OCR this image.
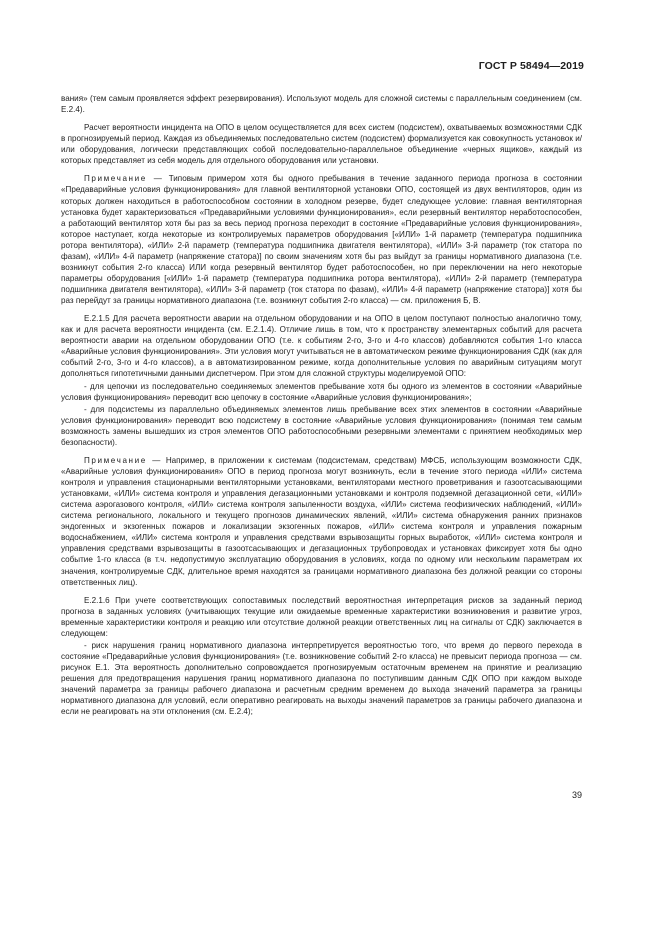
ГОСТ Р 58494—2019

вания» (тем самым проявляется эффект резервирования). Используют модель для сложной системы с параллельным соединением (см. Е.2.4).

Расчет вероятности инцидента на ОПО в целом осуществляется для всех систем (подсистем), охватываемых возможностями СДК в прогнозируемый период. Каждая из объединяемых последовательно систем (подсистем) формализуется как совокупность установок и/или оборудования, логически представляющих собой последовательно-параллельное объединение «черных ящиков», каждый из которых представляет из себя модель для отдельного оборудования или установки.

Примечание — Типовым примером хотя бы одного пребывания в течение заданного периода прогноза в состоянии «Предаварийные условия функционирования» для главной вентиляторной установки ОПО, состоящей из двух вентиляторов, один из которых должен находиться в работоспособном состоянии в холодном резерве, будет следующее условие: главная вентиляторная установка будет характеризоваться «Предаварийными условиями функционирования», если резервный вентилятор неработоспособен, а работающий вентилятор хотя бы раз за весь период прогноза переходит в состояние «Предаварийные условия функционирования», которое наступает, когда некоторые из контролируемых параметров оборудования [«ИЛИ» 1-й параметр (температура подшипника ротора вентилятора), «ИЛИ» 2-й параметр (температура подшипника двигателя вентилятора), «ИЛИ» 3-й параметр (ток статора по фазам), «ИЛИ» 4-й параметр (напряжение статора)] по своим значениям хотя бы раз выйдут за границы нормативного диапазона (т.е. возникнут события 2-го класса) ИЛИ когда резервный вентилятор будет работоспособен, но при переключении на него некоторые параметры оборудования [«ИЛИ» 1-й параметр (температура подшипника ротора вентилятора), «ИЛИ» 2-й параметр (температура подшипника двигателя вентилятора), «ИЛИ» 3-й параметр (ток статора по фазам), «ИЛИ» 4-й параметр (напряжение статора)] хотя бы раз перейдут за границы нормативного диапазона (т.е. возникнут события 2-го класса) — см. приложения Б, В.

Е.2.1.5 Для расчета вероятности аварии на отдельном оборудовании и на ОПО в целом поступают полностью аналогично тому, как и для расчета вероятности инцидента (см. Е.2.1.4). Отличие лишь в том, что к пространству элементарных событий для расчета вероятности аварии на отдельном оборудовании ОПО (т.е. к событиям 2-го, 3-го и 4-го классов) добавляются события 1-го класса «Аварийные условия функционирования». Эти условия могут учитываться не в автоматическом режиме функционирования СДК (как для событий 2-го, 3-го и 4-го классов), а в автоматизированном режиме, когда дополнительные условия по аварийным ситуациям могут дополняться гипотетичными данными диспетчером. При этом для сложной структуры моделируемой ОПО:

- для цепочки из последовательно соединяемых элементов пребывание хотя бы одного из элементов в состоянии «Аварийные условия функционирования» переводит всю цепочку в состояние «Аварийные условия функционирования»;

- для подсистемы из параллельно объединяемых элементов лишь пребывание всех этих элементов в состоянии «Аварийные условия функционирования» переводит всю подсистему в состояние «Аварийные условия функционирования» (понимая тем самым возможность замены вышедших из строя элементов ОПО работоспособными резервными элементами с принятием необходимых мер безопасности).

Примечание — Например, в приложении к системам (подсистемам, средствам) МФСБ, использующим возможности СДК, «Аварийные условия функционирования» ОПО в период прогноза могут возникнуть, если в течение этого периода «ИЛИ» система контроля и управления стационарными вентиляторными установками, вентиляторами местного проветривания и газоотсасывающими установками, «ИЛИ» система контроля и управления дегазационными установками и контроля подземной дегазационной сети, «ИЛИ» система аэрогазового контроля, «ИЛИ» система контроля запыленности воздуха, «ИЛИ» система геофизических наблюдений, «ИЛИ» система регионального, локального и текущего прогнозов динамических явлений, «ИЛИ» система обнаружения ранних признаков эндогенных и экзогенных пожаров и локализации экзогенных пожаров, «ИЛИ» система контроля и управления пожарным водоснабжением, «ИЛИ» система контроля и управления средствами взрывозащиты горных выработок, «ИЛИ» система контроля и управления средствами взрывозащиты в газоотсасывающих и дегазационных трубопроводах и установках фиксирует хотя бы одно событие 1-го класса (в т.ч. недопустимую эксплуатацию оборудования в условиях, когда по одному или нескольким параметрам их значения, контролируемые СДК, длительное время находятся за границами нормативного диапазона без должной реакции со стороны ответственных лиц).

Е.2.1.6 При учете соответствующих сопоставимых последствий вероятностная интерпретация рисков за заданный период прогноза в заданных условиях (учитывающих текущие или ожидаемые временные характеристики возникновения и развитие угроз, временные характеристики контроля и реакцию или отсутствие должной реакции ответственных лиц на сигналы от СДК) заключается в следующем:

- риск нарушения границ нормативного диапазона интерпретируется вероятностью того, что время до первого перехода в состояние «Предаварийные условия функционирования» (т.е. возникновение событий 2-го класса) не превысит периода прогноза — см. рисунок Е.1. Эта вероятность дополнительно сопровождается прогнозируемым остаточным временем на принятие и реализацию решения для предотвращения нарушения границ нормативного диапазона по поступившим данным СДК ОПО при каждом выходе значений параметра за границы рабочего диапазона и расчетным средним временем до выхода значений параметра за границы нормативного диапазона для условий, если оперативно реагировать на выходы значений параметров за границы рабочего диапазона и если не реагировать на эти отклонения (см. Е.2.4);

39
